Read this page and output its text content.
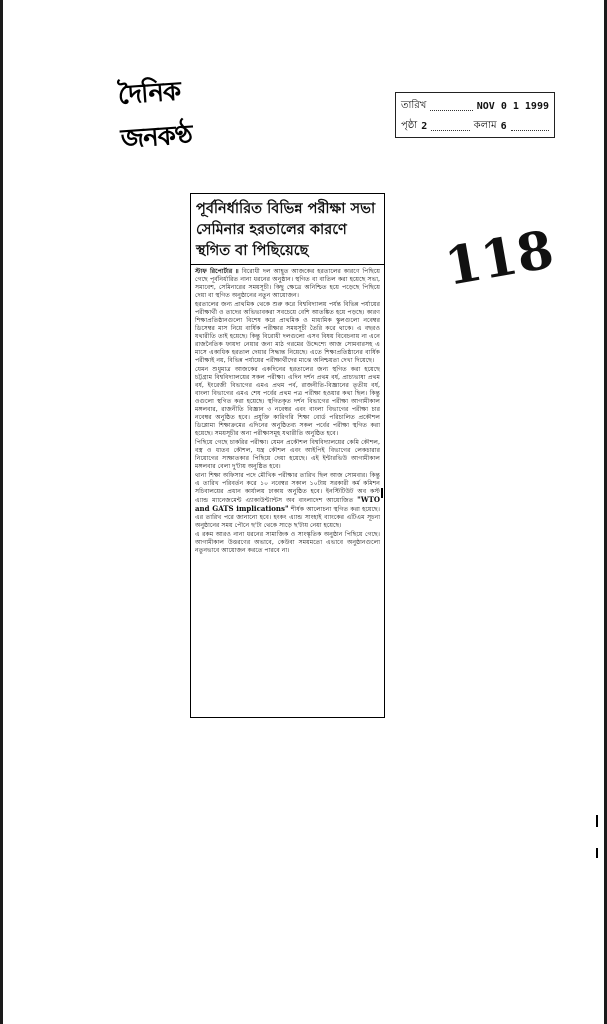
দৈনিক জনকণ্ঠ
তারিখ	NOV 0 1 1999
পৃষ্ঠা 2	কলাম 6
118
পূর্বনির্ধারিত বিভিন্ন পরীক্ষা সভা সেমিনার হরতালের কারণে স্থগিত বা পিছিয়েছে

স্টাফ রিপোর্টার ॥ বিরোধী দল আহূত আজকের হরতালের কারণে পিছিয়ে গেছে পূর্বনির্ধারিত নানা ধরনের অনুষ্ঠান। স্থগিত বা বাতিল করা হয়েছে সভা, সমাবেশ, সেমিনারের সময়সূচী। কিছু ক্ষেত্রে অনিশ্চিত হয়ে পড়েছে পিছিয়ে দেয়া বা স্থগিত অনুষ্ঠানের নতুন আয়োজন।

হরতালের জন্য প্রাথমিক থেকে শুরু করে বিশ্ববিদ্যালয় পর্যন্ত বিভিন্ন পর্যায়ের পরীক্ষার্থী ও তাদের অভিভাবকরা সবচেয়ে বেশি আতঙ্কিত হয়ে পড়ছে। কারণ শিক্ষাপ্রতিষ্ঠানগুলো বিশেষ করে প্রাথমিক ও মাধ্যমিক স্কুলগুলো নবেম্বর ডিসেম্বর মাস নিয়ে বার্ষিক পরীক্ষার সময়সূচী তৈরি করে থাকে। এ বছরও যথারীতি তাই হয়েছে। কিন্তু বিরোধী দলগুলো এসব বিষয় বিবেচনায় না এনে রাজনৈতিক ফায়দা নেয়ার জন্য মাঠ গরমের উদ্দেশ্যে আজ সোমবারসহ এ মাসে একাধিক হরতাল দেয়ার সিদ্ধান্ত নিয়েছে। এতে শিক্ষাপ্রতিষ্ঠানের বার্ষিক পরীক্ষাই নয়, বিভিন্ন পর্যায়ের পরীক্ষার্থীদের মাঝে অনিশ্চয়তা দেখা দিয়েছে।

যেমন শুধুমাত্র আজকের একদিনের হরতালের জন্য স্থগিত করা হয়েছে চট্টগ্রাম বিশ্ববিদ্যালয়ের সকল পরীক্ষা। এদিন দর্শন প্রথম বর্ষ, প্রাচ্যভাষা প্রথম বর্ষ, ইংরেজী বিভাগের এমএ প্রথম পর্ব, রাজনীতি-বিজ্ঞানের তৃতীয় বর্ষ, বাংলা বিভাগের এমএ শেষ পর্বের প্রথম পত্র পরীক্ষা হওয়ার কথা ছিল। কিন্তু ওগুলো স্থগিত করা হয়েছে। স্থগিতকৃত দর্শন বিভাগের পরীক্ষা আগামীকাল মঙ্গলবার, রাজনীতি বিজ্ঞান ৩ নবেম্বর এবং বাংলা বিভাগের পরীক্ষা চার নবেম্বর অনুষ্ঠিত হবে। প্রযুক্তি কারিগরি শিক্ষা বোর্ড পরিচালিত প্রকৌশল ডিপ্লোমা শিক্ষাক্রমের এদিনের অনুষ্ঠিতব্য সকল পর্বের পরীক্ষা স্থগিত করা হয়েছে। সময়সূচীর অন্য পরীক্ষাসমূহ যথারীতি অনুষ্ঠিত হবে।

পিছিয়ে গেছে চাকরির পরীক্ষা। যেমন প্রকৌশল বিশ্ববিদ্যালয়ের কেমি কৌশল, বস্ত্র ও ধাতব কৌশল, যন্ত্র কৌশল এবং আইপিই বিভাগের লেকচারার নিয়োগের সাক্ষাতকার পিছিয়ে দেয়া হয়েছে। এই ইন্টারভিউ আগামীকাল মঙ্গলবার বেলা দু'টায় অনুষ্ঠিত হবে।

থানা শিক্ষা অফিসার পদে মৌখিক পরীক্ষার তারিখ ছিল আজ সোমবার। কিন্তু এ তারিখ পরিবর্তন করে ১০ নবেম্বর সকাল ১০টায় সরকারী কর্ম কমিশন সচিবালয়ের প্রধান কার্যালয় ঢাকায় অনুষ্ঠিত হবে। ইনস্টিটিউট অব কস্ট এ্যান্ড ম্যানেজমেন্ট এ্যাকাউন্ট্যান্টস অব বাংলাদেশ আয়োজিত "WTO and GATS implications" শীর্ষক আলোচনা স্থগিত করা হয়েছে। এর তারিখ পরে জানানো হবে। হংকং এ্যান্ড সাংহাই ব্যাংকের এটিএম সূচনা অনুষ্ঠানের সময় পৌনে ছ'টা থেকে সাড়ে ছ'টায় নেয়া হয়েছে।

এ রকম আরও নানা ধরনের সামাজিক ও সাংস্কৃতিক অনুষ্ঠান পিছিয়ে গেছে। আগামীকাল উত্তরণের অভাবে, কেউবা সময়মতো এভাবে অনুষ্ঠানগুলো নতুনভাবে আয়োজন করতে পারবে না।
